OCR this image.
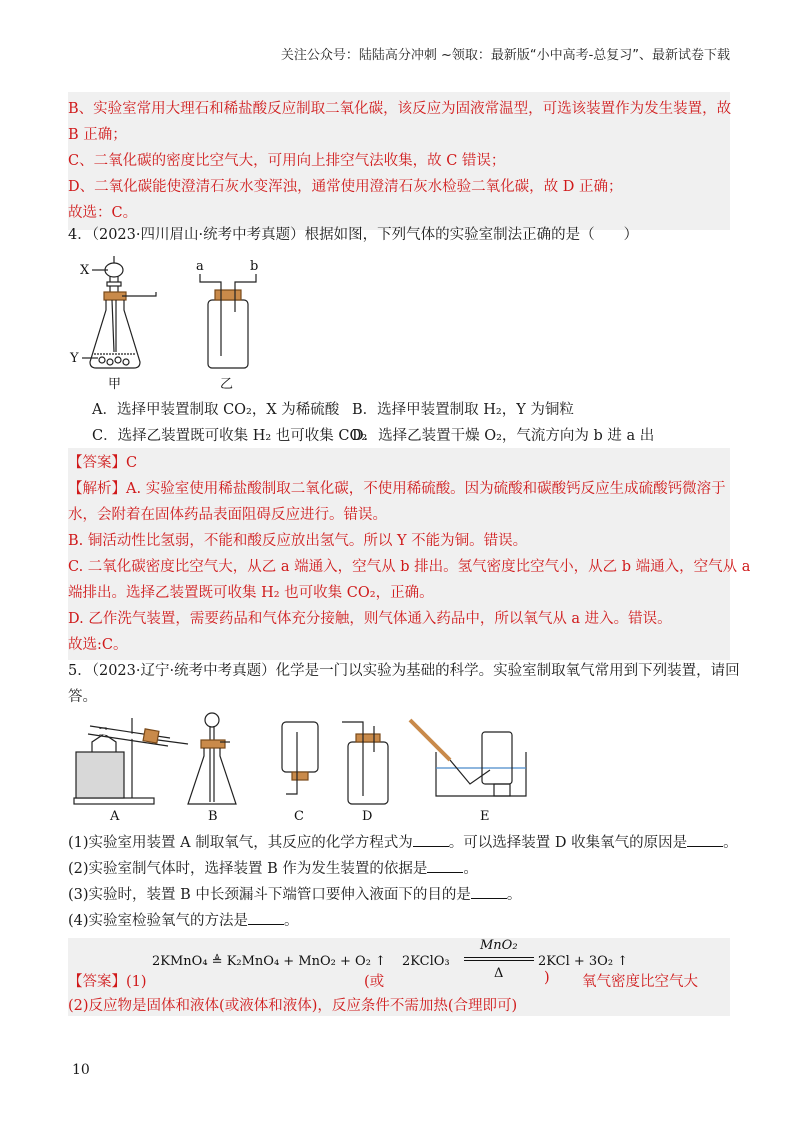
关注公众号：陆陆高分冲刺 ~领取：最新版“小中高考-总复习”、最新试卷下载
B、实验室常用大理石和稀盐酸反应制取二氧化碳，该反应为固液常温型，可选该装置作为发生装置，故
B 正确；
C、二氧化碳的密度比空气大，可用向上排空气法收集，故 C 错误；
D、二氧化碳能使澄清石灰水变浑浊，通常使用澄清石灰水检验二氧化碳，故 D 正确；
故选：C。
4．（2023·四川眉山·统考中考真题）根据如图，下列气体的实验室制法正确的是（　　）
X
Y
a	b
甲	乙
A．选择甲装置制取 CO₂，X 为稀硫酸 B．选择甲装置制取 H₂，Y 为铜粒
C．选择乙装置既可收集 H₂ 也可收集 CO₂
D．选择乙装置干燥 O₂，气流方向为 b 进 a 出
【答案】C
【解析】A. 实验室使用稀盐酸制取二氧化碳，不使用稀硫酸。因为硫酸和碳酸钙反应生成硫酸钙微溶于
水，会附着在固体药品表面阻碍反应进行。错误。
B. 铜活动性比氢弱，不能和酸反应放出氢气。所以 Y 不能为铜。错误。
C. 二氧化碳密度比空气大，从乙 a 端通入，空气从 b 排出。氢气密度比空气小，从乙 b 端通入，空气从 a
端排出。选择乙装置既可收集 H₂ 也可收集 CO₂，正确。
D. 乙作洗气装置，需要药品和气体充分接触，则气体通入药品中，所以氧气从 a 进入。错误。
故选:C。
5．（2023·辽宁·统考中考真题）化学是一门以实验为基础的科学。实验室制取氧气常用到下列装置，请回
答。
A	B	C	D	E
(1)实验室用装置 A 制取氧气，其反应的化学方程式为 。可以选择装置 D 收集氧气的原因是 。
(2)实验室制气体时，选择装置 B 作为发生装置的依据是 。
(3)实验时，装置 B 中长颈漏斗下端管口要伸入液面下的目的是 。
(4)实验室检验氧气的方法是 。
【答案】(1)
2KMnO₄ ≜ K₂MnO₄ + MnO₂ + O₂ ↑
(或
2KClO₃
MnO₂
Δ
2KCl + 3O₂ ↑
) 氧气密度比空气大
(2)反应物是固体和液体(或液体和液体)，反应条件不需加热(合理即可)
10
